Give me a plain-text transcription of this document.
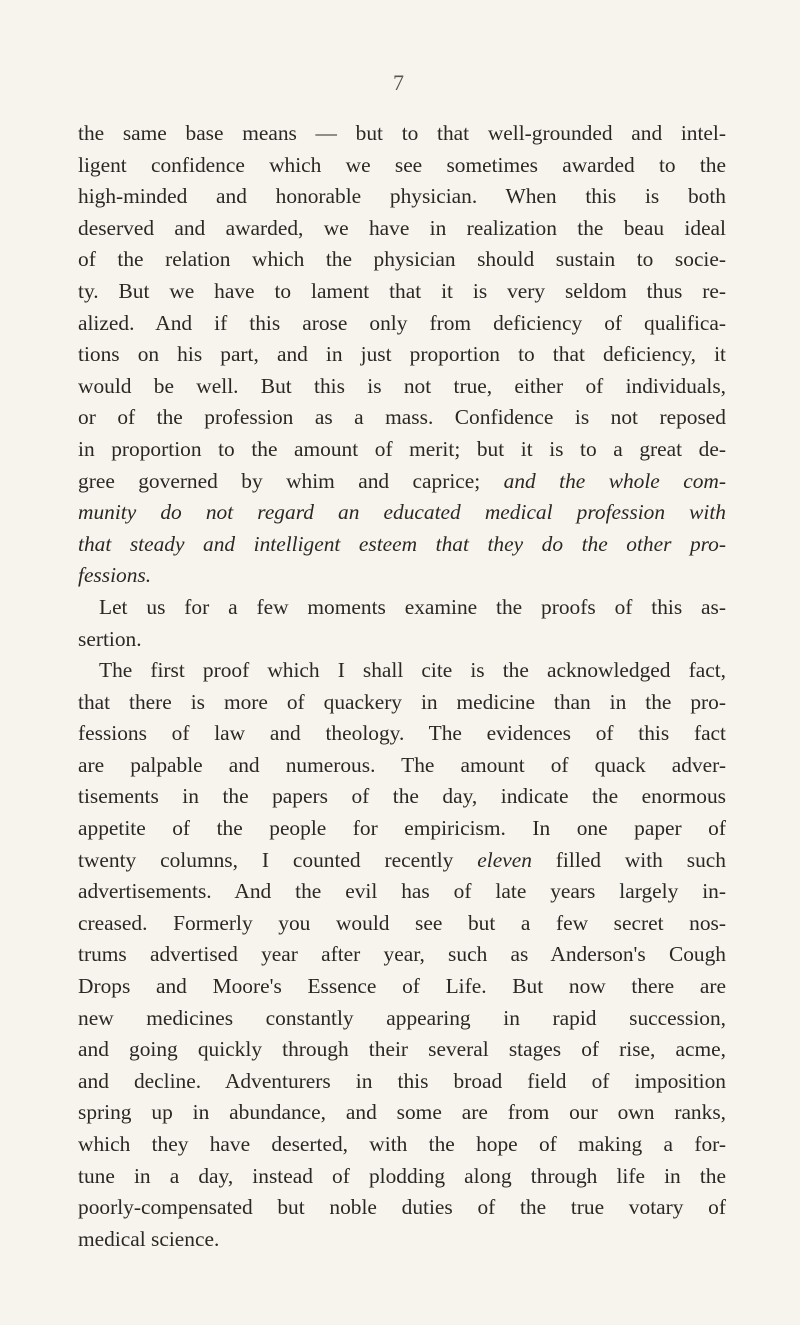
7
the same base means — but to that well-grounded and intel-
ligent confidence which we see sometimes awarded to the
high-minded and honorable physician. When this is both
deserved and awarded, we have in realization the beau ideal
of the relation which the physician should sustain to socie-
ty. But we have to lament that it is very seldom thus re-
alized. And if this arose only from deficiency of qualifica-
tions on his part, and in just proportion to that deficiency, it
would be well. But this is not true, either of individuals,
or of the profession as a mass. Confidence is not reposed
in proportion to the amount of merit; but it is to a great de-
gree governed by whim and caprice; and the whole com-
munity do not regard an educated medical profession with
that steady and intelligent esteem that they do the other pro-
fessions.
Let us for a few moments examine the proofs of this as-
sertion.
The first proof which I shall cite is the acknowledged fact,
that there is more of quackery in medicine than in the pro-
fessions of law and theology. The evidences of this fact
are palpable and numerous. The amount of quack adver-
tisements in the papers of the day, indicate the enormous
appetite of the people for empiricism. In one paper of
twenty columns, I counted recently eleven filled with such
advertisements. And the evil has of late years largely in-
creased. Formerly you would see but a few secret nos-
trums advertised year after year, such as Anderson's Cough
Drops and Moore's Essence of Life. But now there are
new medicines constantly appearing in rapid succession,
and going quickly through their several stages of rise, acme,
and decline. Adventurers in this broad field of imposition
spring up in abundance, and some are from our own ranks,
which they have deserted, with the hope of making a for-
tune in a day, instead of plodding along through life in the
poorly-compensated but noble duties of the true votary of
medical science.
